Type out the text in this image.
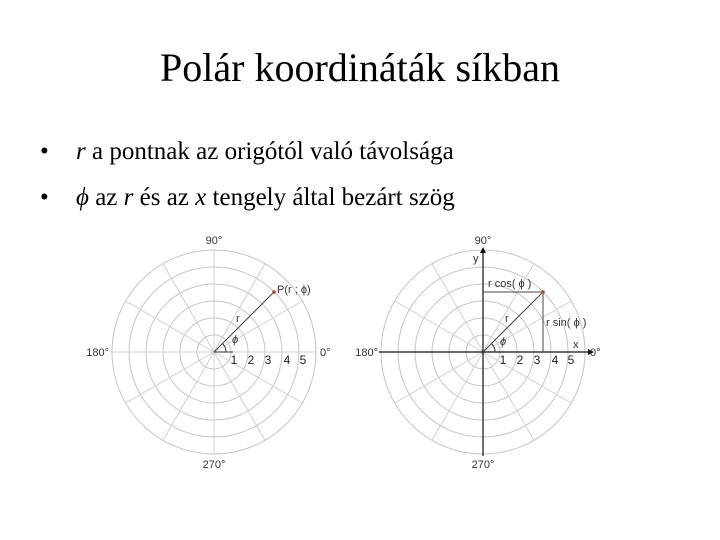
Polár koordináták síkban
• r a pontnak az origótól való távolsága
• ϕ az r és az x tengely által bezárt szög
90°
180°	0°
270°
1 2 3 4 5
P(r ; ϕ)
r
ϕ
90°
180°	0°
270°
y
x
1 2 3 4 5
r cos( ϕ )
r sin( ϕ )
r
ϕ
